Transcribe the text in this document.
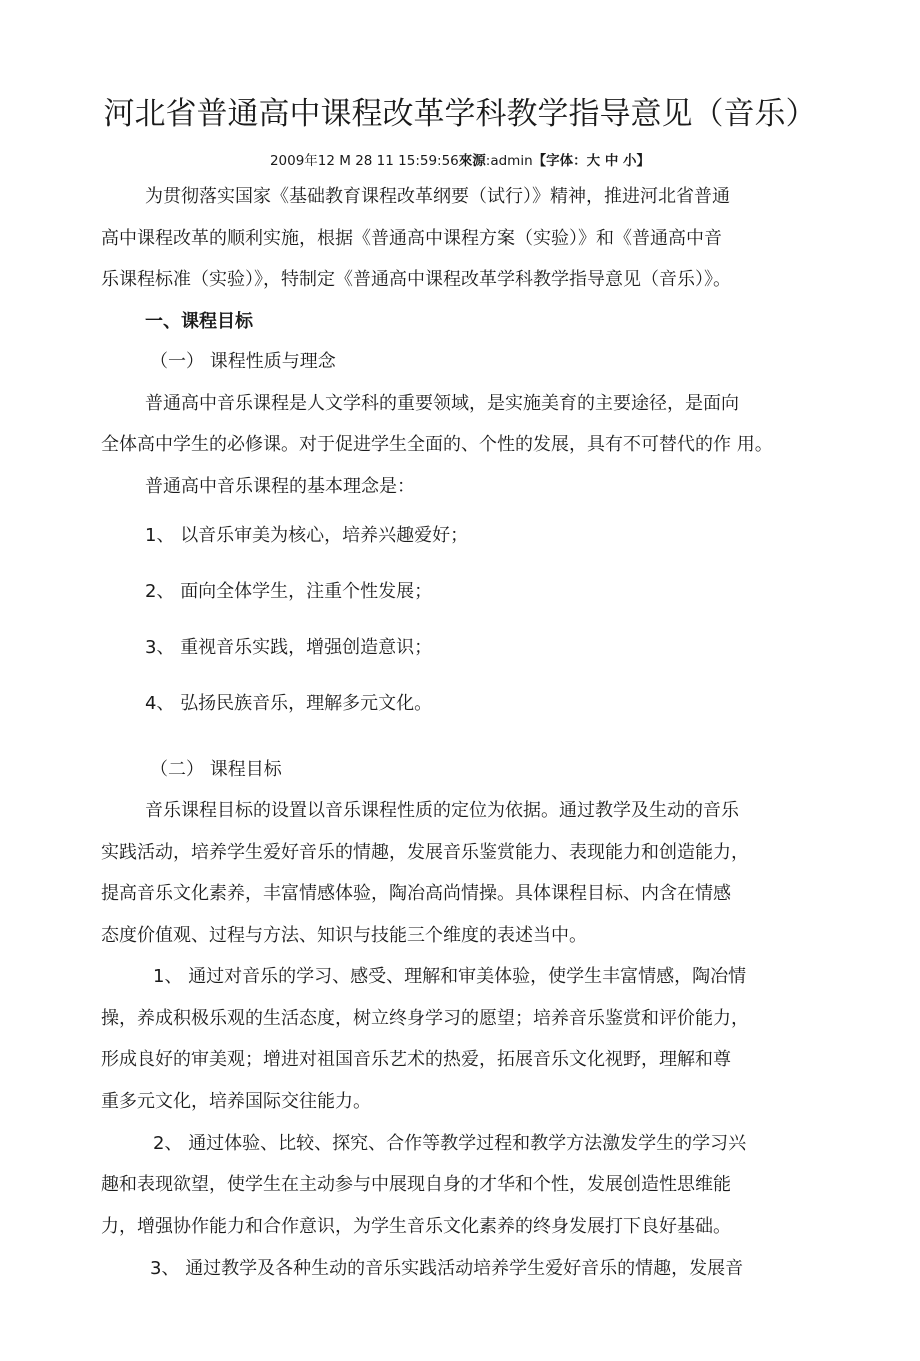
河北省普通高中课程改革学科教学指导意见（音乐）
2009年12 M 28 11 15:59:56來源:admin【字体：大 中 小】
为贯彻落实国家《基础教育课程改革纲要（试行）》精神，推进河北省普通
高中课程改革的顺利实施，根据《普通高中课程方案（实验）》和《普通高中音
乐课程标准（实验）》，特制定《普通高中课程改革学科教学指导意见（音乐）》。
一、课程目标
（一） 课程性质与理念
普通高中音乐课程是人文学科的重要领域，是实施美育的主要途径，是面向
全体高中学生的必修课。对于促进学生全面的、个性的发展，具有不可替代的作 用。
普通高中音乐课程的基本理念是：
1、 以音乐审美为核心，培养兴趣爱好；
2、 面向全体学生，注重个性发展；
3、 重视音乐实践，增强创造意识；
4、 弘扬民族音乐，理解多元文化。
（二） 课程目标
音乐课程目标的设置以音乐课程性质的定位为依据。通过教学及生动的音乐
实践活动，培养学生爱好音乐的情趣，发展音乐鉴赏能力、表现能力和创造能力，
提高音乐文化素养，丰富情感体验，陶冶高尚情操。具体课程目标、内含在情感
态度价值观、过程与方法、知识与技能三个维度的表述当中。
1、 通过对音乐的学习、感受、理解和审美体验，使学生丰富情感，陶冶情
操，养成积极乐观的生活态度，树立终身学习的愿望；培养音乐鉴赏和评价能力，
形成良好的审美观；增进对祖国音乐艺术的热爱，拓展音乐文化视野，理解和尊
重多元文化，培养国际交往能力。
2、 通过体验、比较、探究、合作等教学过程和教学方法激发学生的学习兴
趣和表现欲望，使学生在主动参与中展现自身的才华和个性，发展创造性思维能
力，增强协作能力和合作意识，为学生音乐文化素养的终身发展打下良好基础。
3、 通过教学及各种生动的音乐实践活动培养学生爱好音乐的情趣，发展音
